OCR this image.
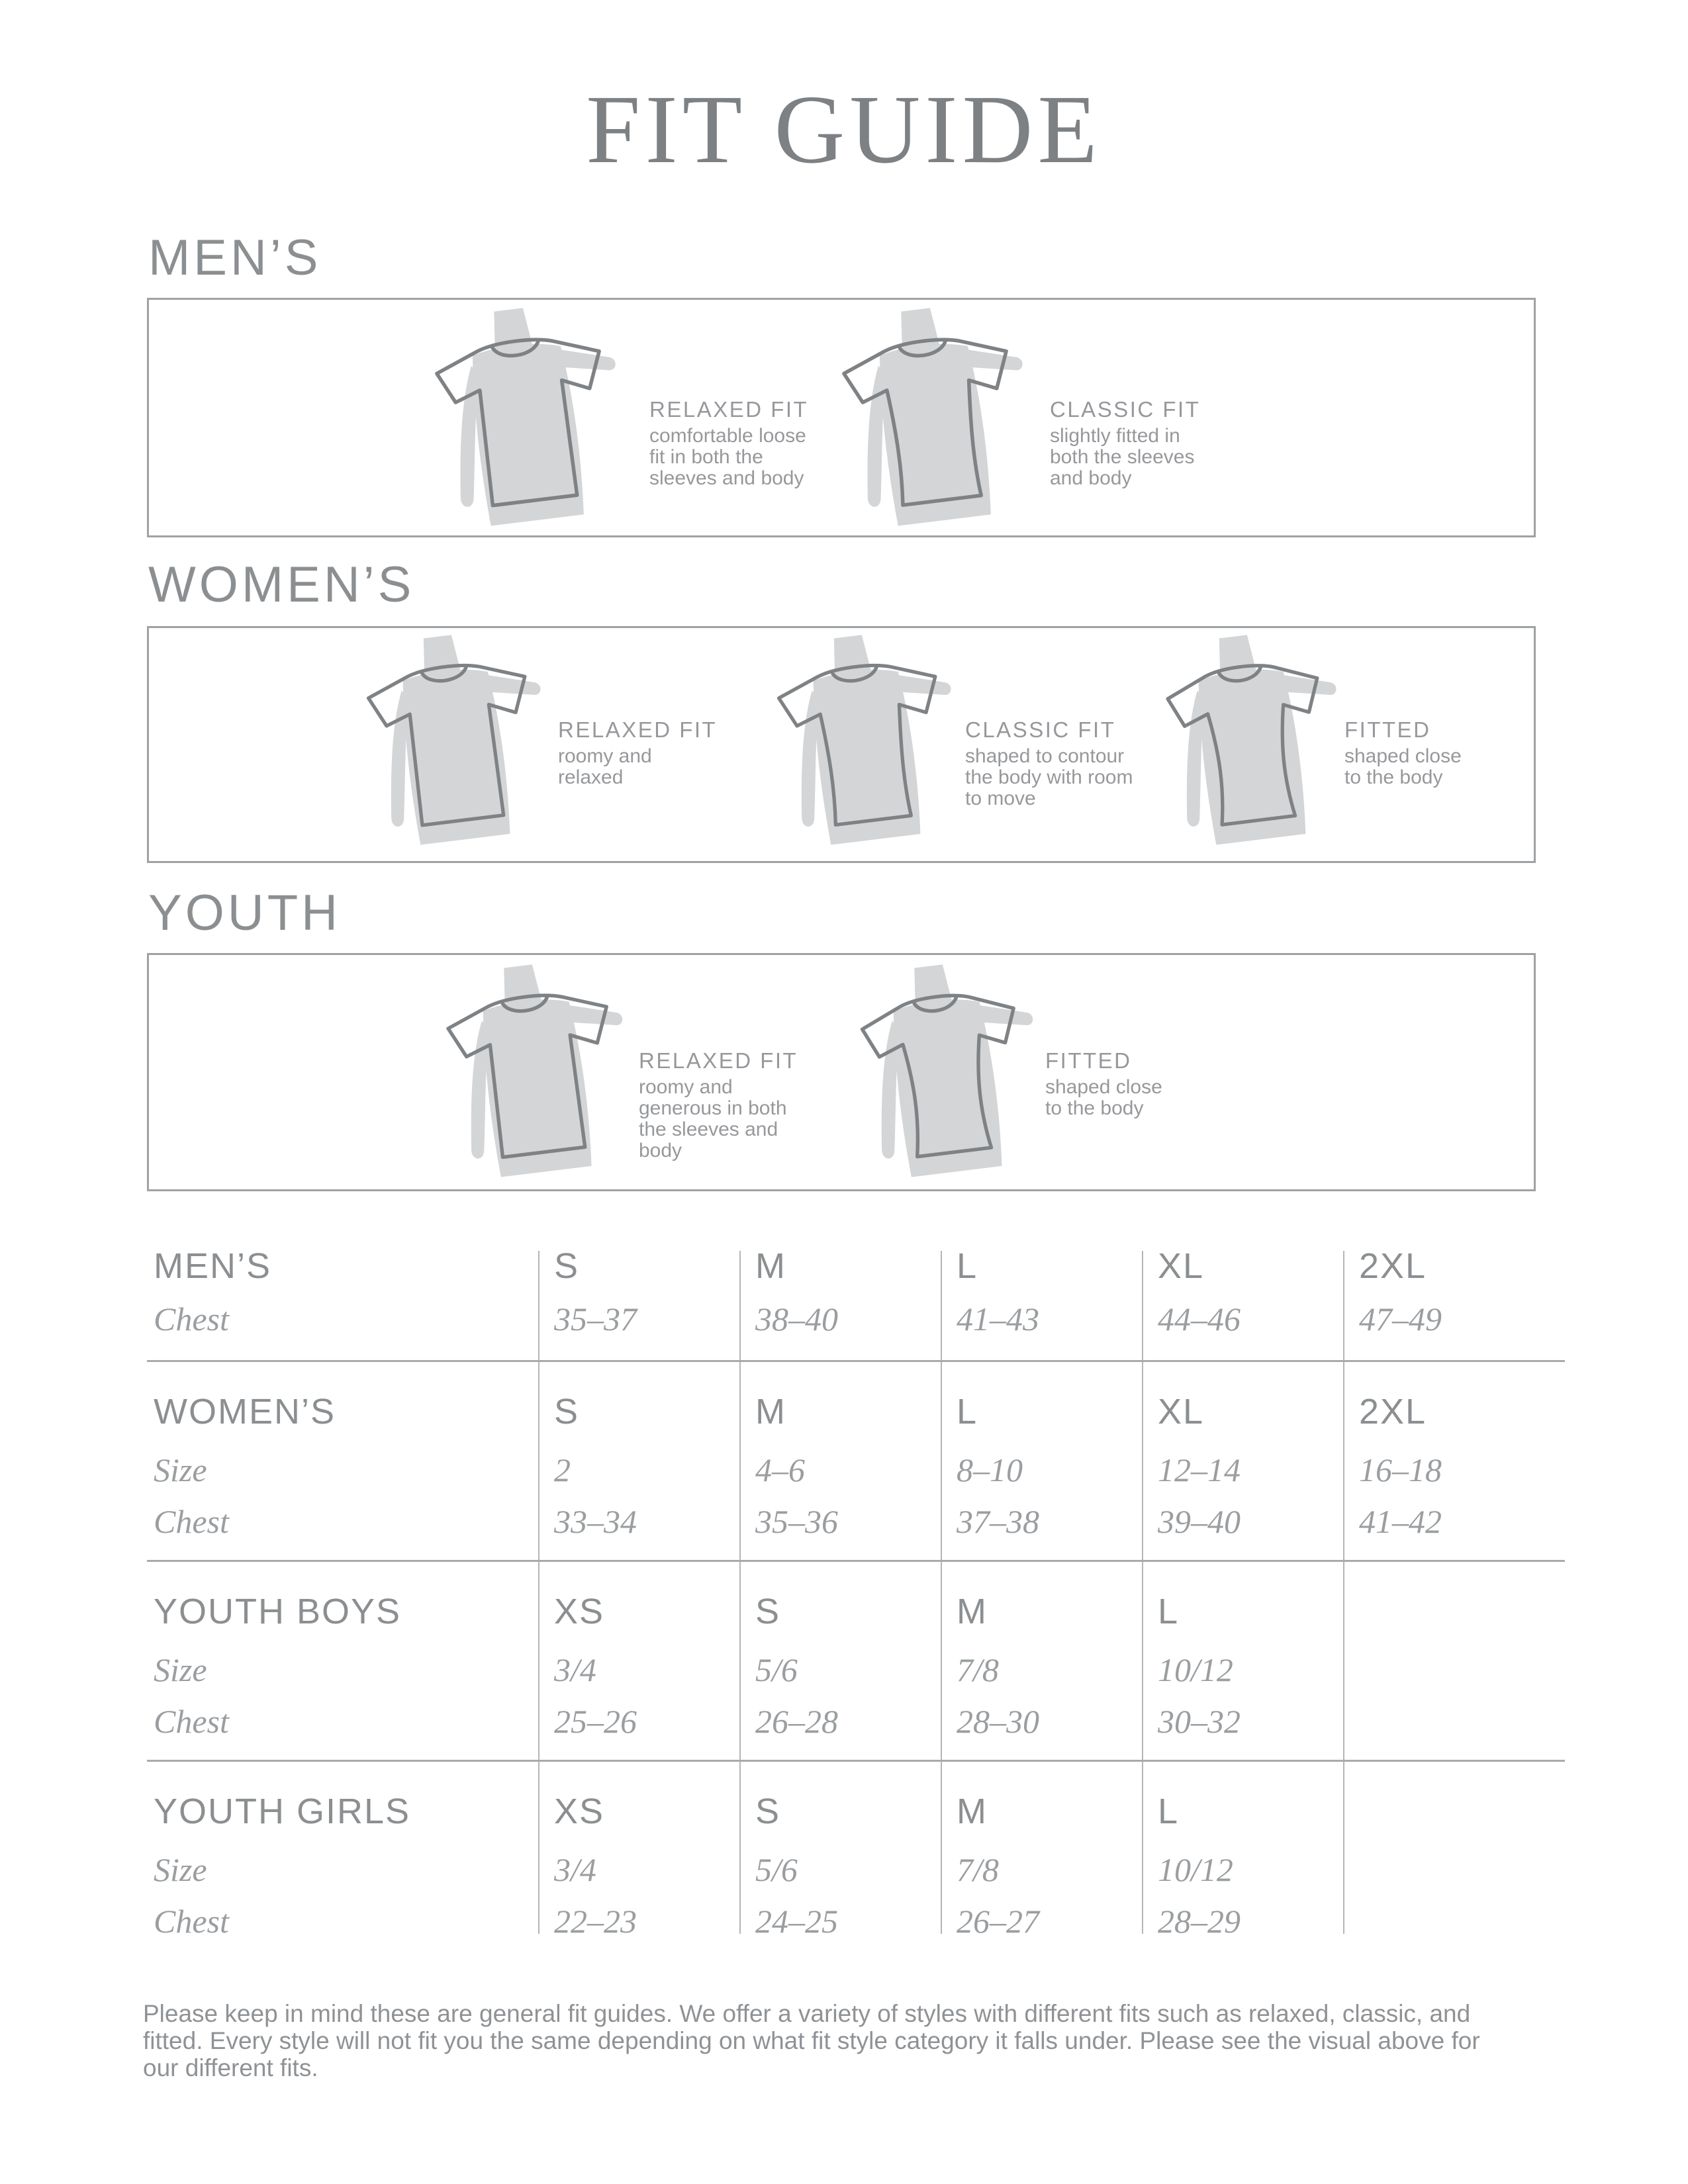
FIT GUIDE
MEN’S

RELAXED FIT

comfortable loose fit in both the sleeves and body

CLASSIC FIT

slightly fitted in both the sleeves and body

WOMEN’S

RELAXED FIT

roomy and relaxed

CLASSIC FIT

shaped to contour the body with room to move

FITTED

shaped close to the body

YOUTH

RELAXED FIT

roomy and generous in both the sleeves and body

FITTED

shaped close to the body

MEN’S	S	M	L	XL	2XL
Chest	35–37	38–40	41–43	44–46	47–49
WOMEN’S	S	M	L	XL	2XL
Size	2	4–6	8–10	12–14	16–18
Chest	33–34	35–36	37–38	39–40	41–42
YOUTH BOYS	XS	S	M	L
Size	3/4	5/6	7/8	10/12
Chest	25–26	26–28	28–30	30–32
YOUTH GIRLS	XS	S	M	L
Size	3/4	5/6	7/8	10/12
Chest	22–23	24–25	26–27	28–29
Please keep in mind these are general fit guides. We offer a variety of styles with different fits such as relaxed, classic, and fitted. Every style will not fit you the same depending on what fit style category it falls under. Please see the visual above for our different fits.
